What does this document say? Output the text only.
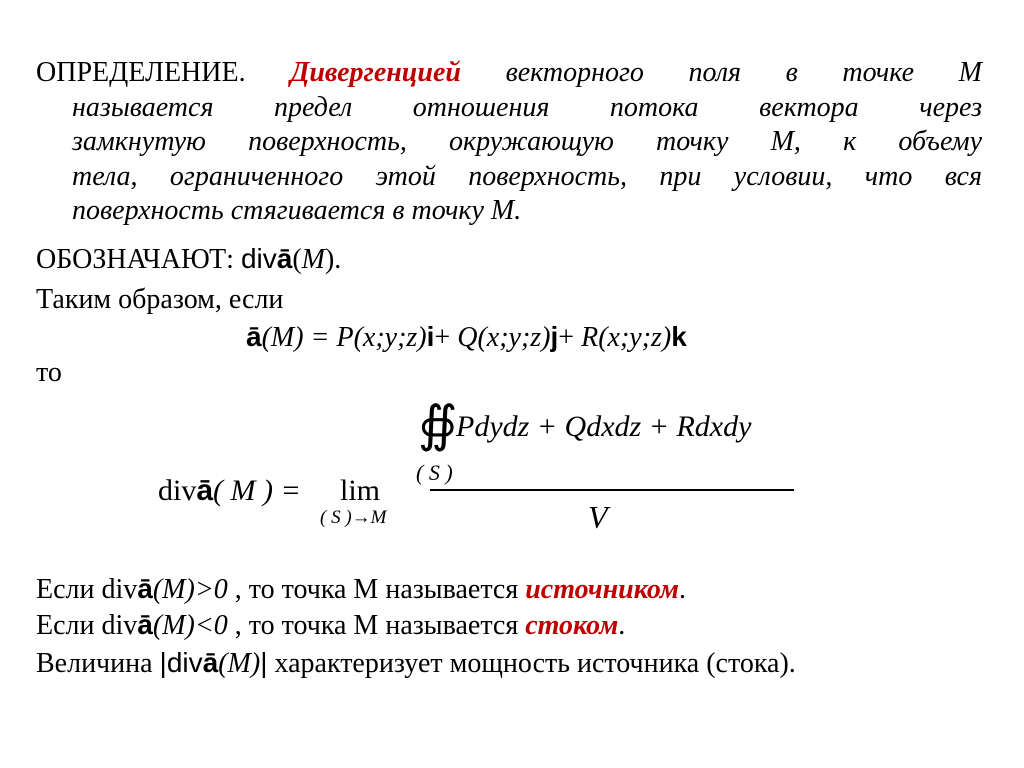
ОПРЕДЕЛЕНИЕ. Дивергенцией векторного поля в точке M
называется предел отношения потока вектора через
замкнутую поверхность, окружающую точку M, к объему
тела, ограниченного этой поверхность, при условии, что вся
поверхность стягивается в точку M.
ОБОЗНАЧАЮТ: divā(M).
Таким образом, если
ā(M) = P(x;y;z)i+ Q(x;y;z)j+ R(x;y;z)k
то
∯
Pdydz + Qdxdz + Rdxdy
( S )
divā( M ) = lim
( S )→M	V
Если divā(M)>0 , то точка М называется источником.
Если divā(M)<0 , то точка М называется стоком.
Величина |divā(M)| характеризует мощность источника (стока).
